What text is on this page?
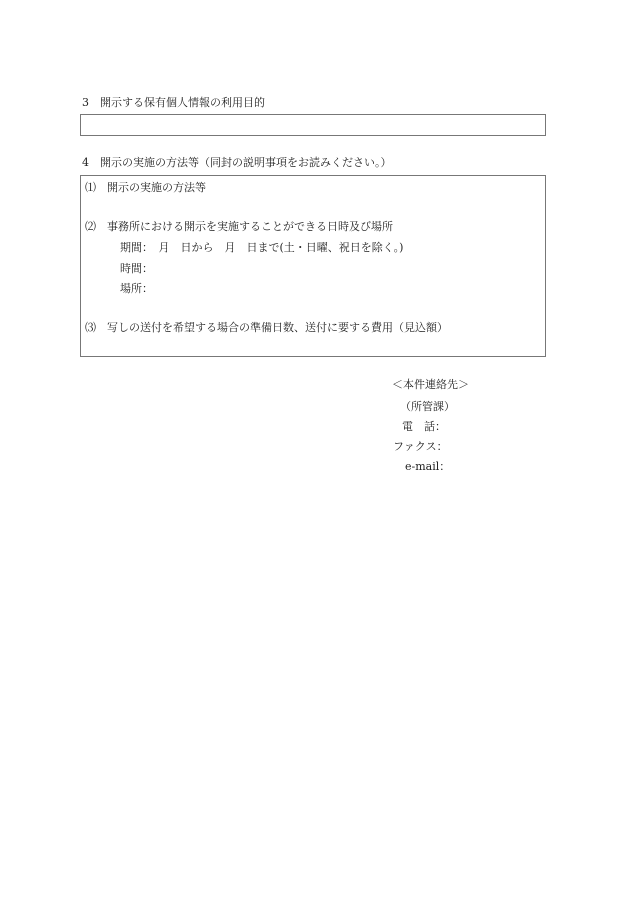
3　開示する保有個人情報の利用目的
4　開示の実施の方法等（同封の説明事項をお読みください。）
⑴　開示の実施の方法等
⑵　事務所における開示を実施することができる日時及び場所
期間：　月　日から　月　日まで(土・日曜、祝日を除く。)
時間：
場所：
⑶　写しの送付を希望する場合の準備日数、送付に要する費用（見込額）
＜本件連絡先＞
（所管課）
電　話：
ファクス：
e-mail：
